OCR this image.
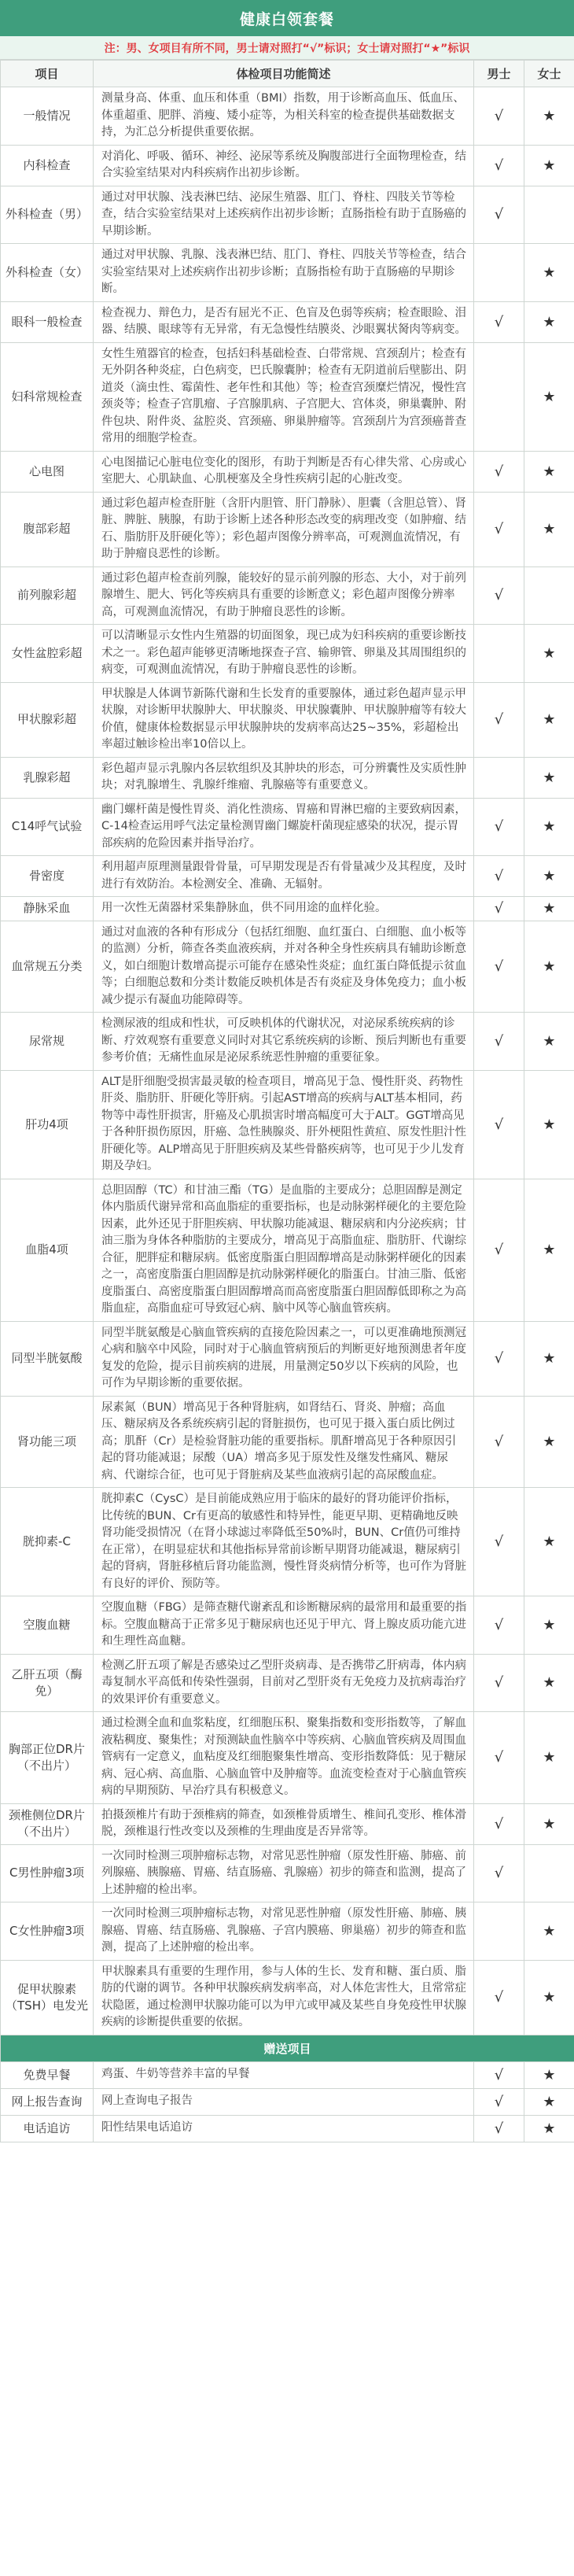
健康白领套餐
注：男、女项目有所不同，男士请对照打“√”标识；女士请对照打“★”标识
项目	体检项目功能简述	男士	女士
一般情况	测量身高、体重、血压和体重（BMI）指数，用于诊断高血压、低血压、体重超重、肥胖、消瘦、矮小症等，为相关科室的检查提供基础数据支持，为汇总分析提供重要依据。	√	★
内科检查	对消化、呼吸、循环、神经、泌尿等系统及胸腹部进行全面物理检查，结合实验室结果对内科疾病作出初步诊断。	√	★
外科检查（男）	通过对甲状腺、浅表淋巴结、泌尿生殖器、肛门、脊柱、四肢关节等检查，结合实验室结果对上述疾病作出初步诊断；直肠指检有助于直肠癌的早期诊断。	√	
外科检查（女）	通过对甲状腺、乳腺、浅表淋巴结、肛门、脊柱、四肢关节等检查，结合实验室结果对上述疾病作出初步诊断；直肠指检有助于直肠癌的早期诊断。		★
眼科一般检查	检查视力、辩色力，是否有屈光不正、色盲及色弱等疾病；检查眼睑、泪器、结膜、眼球等有无异常，有无急慢性结膜炎、沙眼翼状胬肉等病变。	√	★
妇科常规检查	女性生殖器官的检查，包括妇科基础检查、白带常规、宫颈刮片；检查有无外阴各种炎症，白色病变，巴氏腺囊肿；检查有无阴道前后壁膨出、阴道炎（滴虫性、霉菌性、老年性和其他）等；检查宫颈糜烂情况，慢性宫颈炎等；检查子宫肌瘤、子宫腺肌病、子宫肥大、宫体炎，卵巢囊肿、附件包块、附件炎、盆腔炎、宫颈癌、卵巢肿瘤等。宫颈刮片为宫颈癌普查常用的细胞学检查。		★
心电图	心电图描记心脏电位变化的图形，有助于判断是否有心律失常、心房或心室肥大、心肌缺血、心肌梗塞及全身性疾病引起的心脏改变。	√	★
腹部彩超	通过彩色超声检查肝脏（含肝内胆管、肝门静脉）、胆囊（含胆总管）、肾脏、脾脏、胰腺，有助于诊断上述各种形态改变的病理改变（如肿瘤、结石、脂肪肝及肝硬化等）；彩色超声图像分辨率高，可观测血流情况，有助于肿瘤良恶性的诊断。	√	★
前列腺彩超	通过彩色超声检查前列腺，能较好的显示前列腺的形态、大小，对于前列腺增生、肥大、钙化等疾病具有重要的诊断意义；彩色超声图像分辨率高，可观测血流情况，有助于肿瘤良恶性的诊断。	√	
女性盆腔彩超	可以清晰显示女性内生殖器的切面图象，现已成为妇科疾病的重要诊断技术之一。彩色超声能够更清晰地探查子宫、输卵管、卵巢及其周围组织的病变，可观测血流情况，有助于肿瘤良恶性的诊断。		★
甲状腺彩超	甲状腺是人体调节新陈代谢和生长发育的重要腺体，通过彩色超声显示甲状腺，对诊断甲状腺肿大、甲状腺炎、甲状腺囊肿、甲状腺肿瘤等有较大价值，健康体检数据显示甲状腺肿块的发病率高达25~35%，彩超检出率超过触诊检出率10倍以上。	√	★
乳腺彩超	彩色超声显示乳腺内各层软组织及其肿块的形态，可分辨囊性及实质性肿块；对乳腺增生、乳腺纤维瘤、乳腺癌等有重要意义。		★
C14呼气试验	幽门螺杆菌是慢性胃炎、消化性溃疡、胃癌和胃淋巴瘤的主要致病因素，C-14检查运用呼气法定量检测胃幽门螺旋杆菌现症感染的状况，提示胃部疾病的危险因素并指导治疗。	√	★
骨密度	利用超声原理测量跟骨骨量，可早期发现是否有骨量减少及其程度，及时进行有效防治。本检测安全、准确、无辐射。	√	★
静脉采血	用一次性无菌器材采集静脉血，供不同用途的血样化验。	√	★
血常规五分类	通过对血液的各种有形成分（包括红细胞、血红蛋白、白细胞、血小板等的监测）分析，筛查各类血液疾病，并对各种全身性疾病具有辅助诊断意义，如白细胞计数增高提示可能存在感染性炎症；血红蛋白降低提示贫血等；白细胞总数和分类计数能反映机体是否有炎症及身体免疫力；血小板减少提示有凝血功能障碍等。	√	★
尿常规	检测尿液的组成和性状，可反映机体的代谢状况，对泌尿系统疾病的诊断、疗效观察有重要意义同时对其它系统疾病的诊断、预后判断也有重要参考价值；无痛性血尿是泌尿系统恶性肿瘤的重要征象。	√	★
肝功4项	ALT是肝细胞受损害最灵敏的检查项目，增高见于急、慢性肝炎、药物性肝炎、脂肪肝、肝硬化等肝病。引起AST增高的疾病与ALT基本相同，药物等中毒性肝损害，肝癌及心肌损害时增高幅度可大于ALT。GGT增高见于各种肝损伤原因，肝癌、急性胰腺炎、肝外梗阻性黄疸、原发性胆汁性肝硬化等。ALP增高见于肝胆疾病及某些骨骼疾病等，也可见于少儿发育期及孕妇。	√	★
血脂4项	总胆固醇（TC）和甘油三酯（TG）是血脂的主要成分；总胆固醇是测定体内脂质代谢异常和高血脂症的重要指标，也是动脉粥样硬化的主要危险因素，此外还见于肝胆疾病、甲状腺功能减退、糖尿病和内分泌疾病；甘油三脂为身体各种脂肪的主要成分，增高见于高脂血症、脂肪肝、代谢综合征，肥胖症和糖尿病。低密度脂蛋白胆固醇增高是动脉粥样硬化的因素之一，高密度脂蛋白胆固醇是抗动脉粥样硬化的脂蛋白。甘油三脂、低密度脂蛋白、高密度脂蛋白胆固醇增高而高密度脂蛋白胆固醇低即称之为高脂血症，高脂血症可导致冠心病、脑中风等心脑血管疾病。	√	★
同型半胱氨酸	同型半胱氨酸是心脑血管疾病的直接危险因素之一，可以更准确地预测冠心病和脑卒中风险，同时对于心脑血管病预后的判断更好地预测患者年度复发的危险，提示目前疾病的进展，用量测定50岁以下疾病的风险，也可作为早期诊断的重要依据。	√	★
肾功能三项	尿素氮（BUN）增高见于各种肾脏病，如肾结石、肾炎、肿瘤；高血压、糖尿病及各系统疾病引起的肾脏损伤，也可见于摄入蛋白质比例过高；肌酐（Cr）是检验肾脏功能的重要指标。肌酐增高见于各种原因引起的肾功能减退；尿酸（UA）增高多见于原发性及继发性痛风、糖尿病、代谢综合征，也可见于肾脏病及某些血液病引起的高尿酸血症。	√	★
胱抑素-C	胱抑素C（CysC）是目前能成熟应用于临床的最好的肾功能评价指标，比传统的BUN、Cr有更高的敏感性和特异性，能更早期、更精确地反映肾功能受损情况（在肾小球滤过率降低至50%时，BUN、Cr值仍可维持在正常），在明显症状和其他指标异常前诊断早期肾功能减退，糖尿病引起的肾病，肾脏移植后肾功能监测，慢性肾炎病情分析等，也可作为肾脏有良好的评价、预防等。	√	★
空腹血糖	空腹血糖（FBG）是筛查糖代谢紊乱和诊断糖尿病的最常用和最重要的指标。空腹血糖高于正常多见于糖尿病也还见于甲亢、肾上腺皮质功能亢进和生理性高血糖。	√	★
乙肝五项（酶免）	检测乙肝五项了解是否感染过乙型肝炎病毒、是否携带乙肝病毒，体内病毒复制水平高低和传染性强弱，目前对乙型肝炎有无免疫力及抗病毒治疗的效果评价有重要意义。	√	★
胸部正位DR片（不出片）	通过检测全血和血浆粘度，红细胞压积、聚集指数和变形指数等，了解血液粘稠度、聚集性；对预测缺血性脑卒中等疾病、心脑血管疾病及周围血管病有一定意义，血粘度及红细胞聚集性增高、变形指数降低：见于糖尿病、冠心病、高血脂、心脑血管中及肿瘤等。血流变检查对于心脑血管疾病的早期预防、早治疗具有积极意义。	√	★
颈椎侧位DR片（不出片）	拍摄颈椎片有助于颈椎病的筛查，如颈椎骨质增生、椎间孔变形、椎体滑脱，颈椎退行性改变以及颈椎的生理曲度是否异常等。	√	★
C男性肿瘤3项	一次同时检测三项肿瘤标志物，对常见恶性肿瘤（原发性肝癌、肺癌、前列腺癌、胰腺癌、胃癌、结直肠癌、乳腺癌）初步的筛查和监测，提高了上述肿瘤的检出率。	√	
C女性肿瘤3项	一次同时检测三项肿瘤标志物，对常见恶性肿瘤（原发性肝癌、肺癌、胰腺癌、胃癌、结直肠癌、乳腺癌、子宫内膜癌、卵巢癌）初步的筛查和监测，提高了上述肿瘤的检出率。		★
促甲状腺素（TSH）电发光	甲状腺素具有重要的生理作用，参与人体的生长、发育和糖、蛋白质、脂肪的代谢的调节。各种甲状腺疾病发病率高，对人体危害性大，且常常症状隐匿，通过检测甲状腺功能可以为甲亢或甲减及某些自身免疫性甲状腺疾病的诊断提供重要的依据。	√	★
赠送项目			
免费早餐	鸡蛋、牛奶等营养丰富的早餐	√	★
网上报告查询	网上查询电子报告	√	★
电话追访	阳性结果电话追访	√	★
